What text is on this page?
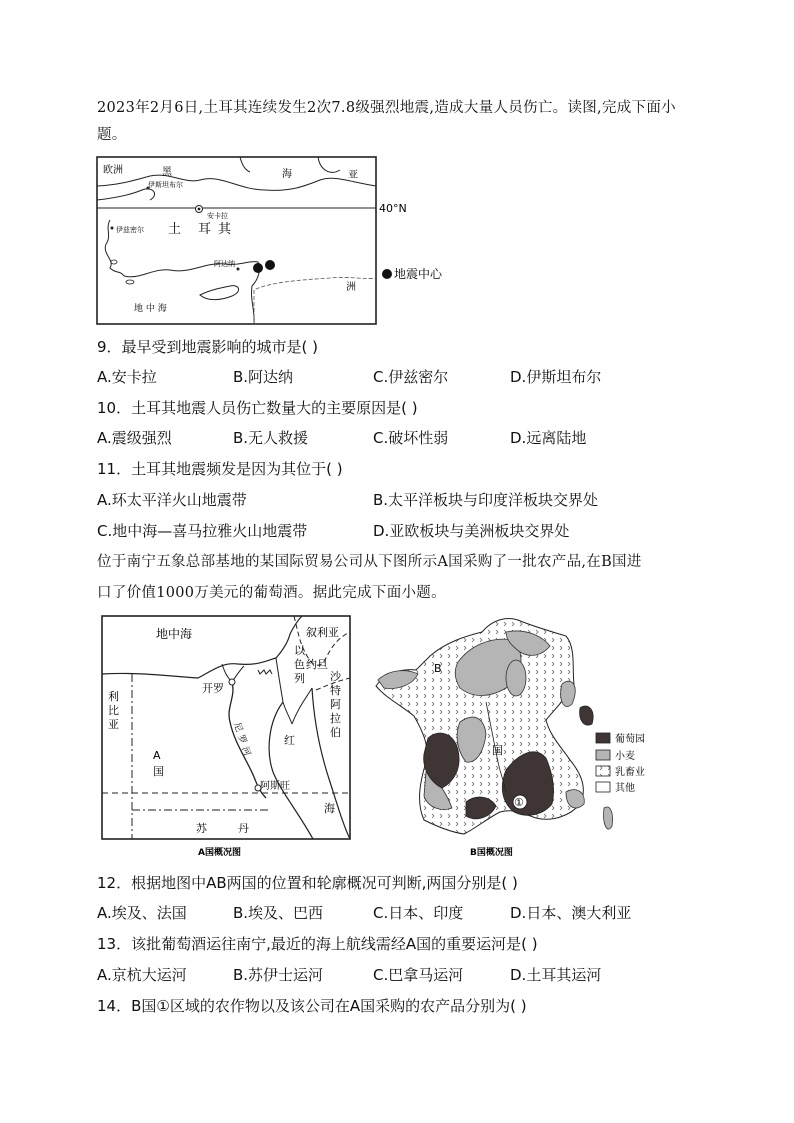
2023年2月6日,土耳其连续发生2次7.8级强烈地震,造成大量人员伤亡。读图,完成下面小
题。
欧洲	黑	海	亚
伊斯坦布尔
安卡拉
伊兹密尔 土 耳 其
阿达纳
地 中 海
洲
40°N
地震中心
9．最早受到地震影响的城市是( )
A.安卡拉	B.阿达纳	C.伊兹密尔	D.伊斯坦布尔
10．土耳其地震人员伤亡数量大的主要原因是( )
A.震级强烈	B.无人救援	C.破坏性弱	D.远离陆地
11．土耳其地震频发是因为其位于( )
A.环太平洋火山地震带	B.太平洋板块与印度洋板块交界处
C.地中海—喜马拉雅火山地震带	D.亚欧板块与美洲板块交界处
位于南宁五象总部基地的某国际贸易公司从下图所示A国采购了一批农产品,在B国进
口了价值1000万美元的葡萄酒。据此完成下面小题。
地中海	叙利亚
以
色
列
约旦
开罗
利
比
亚
沙
特
阿
拉
伯
尼
罗
河
红
海
A
国
阿斯旺
苏	丹
A国概况图
B
国
①
葡萄园
小麦
乳畜业
其他
B国概况图
12．根据地图中AB两国的位置和轮廓概况可判断,两国分别是( )
A.埃及、法国	B.埃及、巴西	C.日本、印度	D.日本、澳大利亚
13．该批葡萄酒运往南宁,最近的海上航线需经A国的重要运河是( )
A.京杭大运河	B.苏伊士运河	C.巴拿马运河	D.土耳其运河
14．B国①区域的农作物以及该公司在A国采购的农产品分别为( )
